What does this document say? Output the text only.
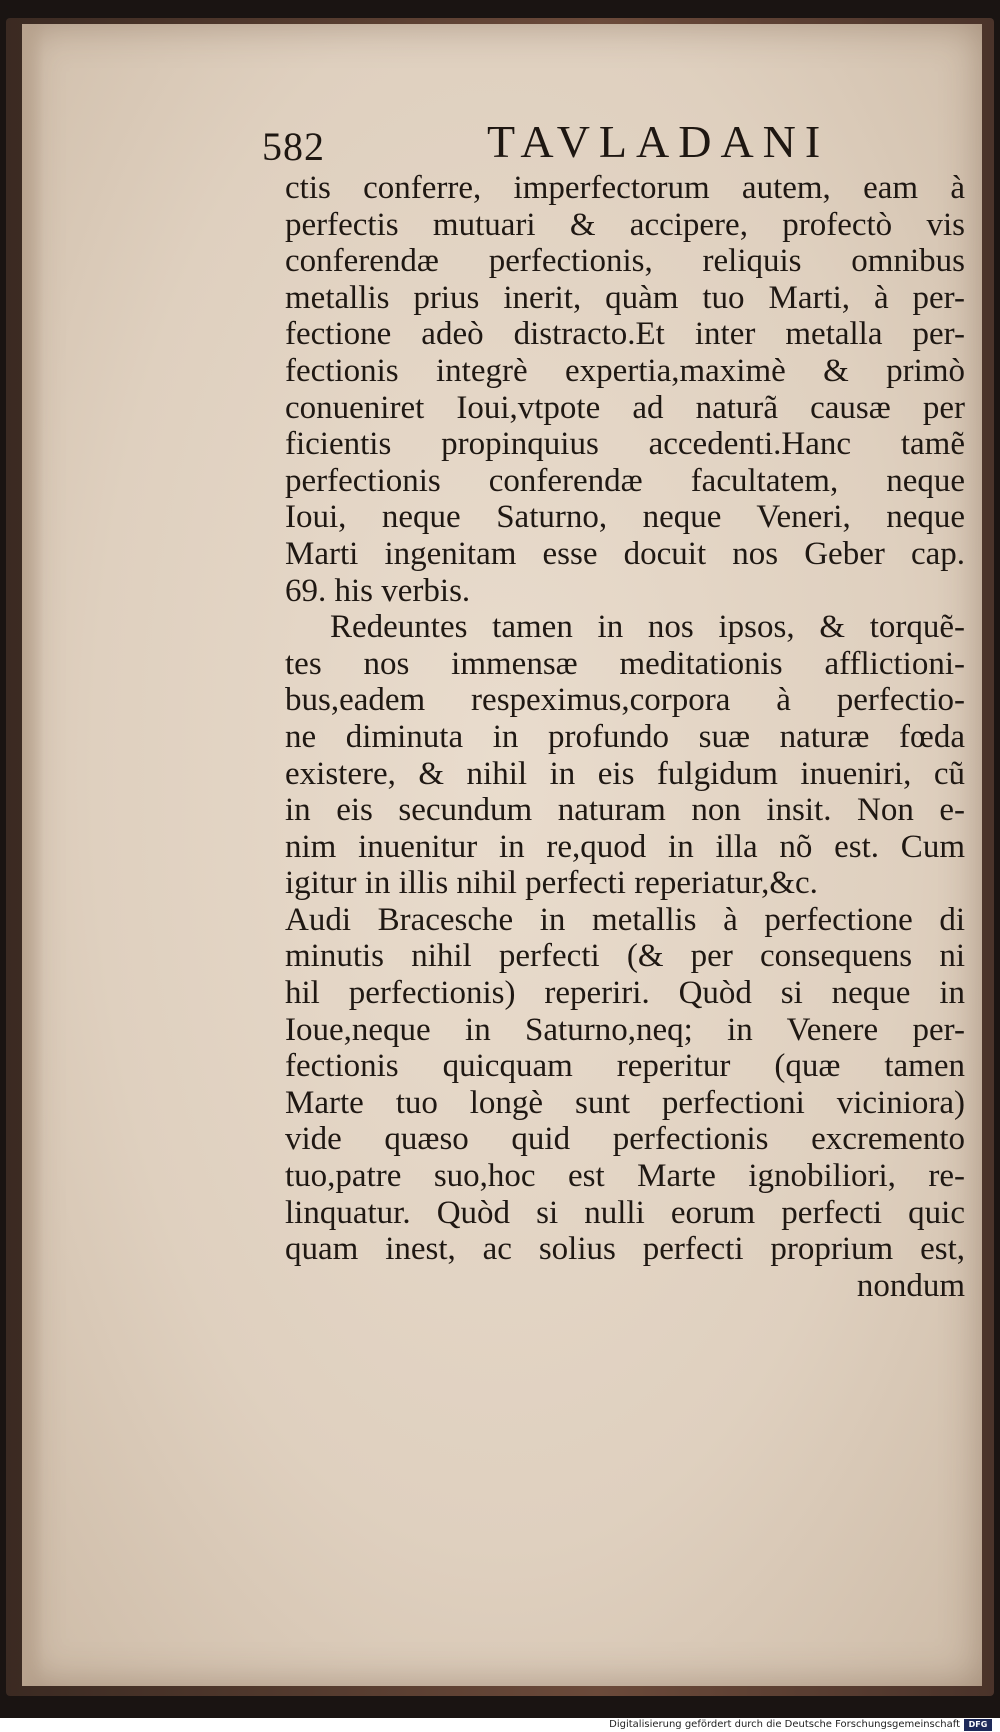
582	TAVLADANI
ctis conferre, imperfectorum autem, eam à
perfectis mutuari & accipere, profectò vis
conferendæ perfectionis, reliquis omnibus
metallis prius inerit, quàm tuo Marti, à per-
fectione adeò distracto.Et inter metalla per-
fectionis integrè expertia,maximè & primò
conueniret Ioui,vtpote ad naturã causæ per
ficientis propinquius accedenti.Hanc tamẽ
perfectionis conferendæ facultatem, neque
Ioui, neque Saturno, neque Veneri, neque
Marti ingenitam esse docuit nos Geber cap.
69. his verbis.
Redeuntes tamen in nos ipsos, & torquẽ-
tes nos immensæ meditationis afflictioni-
bus,eadem respeximus,corpora à perfectio-
ne diminuta in profundo suæ naturæ fœda
existere, & nihil in eis fulgidum inueniri, cũ
in eis secundum naturam non insit. Non e-
nim inuenitur in re,quod in illa nõ est. Cum
igitur in illis nihil perfecti reperiatur,&c.
Audi Bracesche in metallis à perfectione di
minutis nihil perfecti (& per consequens ni
hil perfectionis) reperiri. Quòd si neque in
Ioue,neque in Saturno,neq; in Venere per-
fectionis quicquam reperitur (quæ tamen
Marte tuo longè sunt perfectioni viciniora)
vide quæso quid perfectionis excremento
tuo,patre suo,hoc est Marte ignobiliori, re-
linquatur. Quòd si nulli eorum perfecti quic
quam inest, ac solius perfecti proprium est,
nondum
Digitalisierung gefördert durch die Deutsche Forschungsgemeinschaft	DFG
